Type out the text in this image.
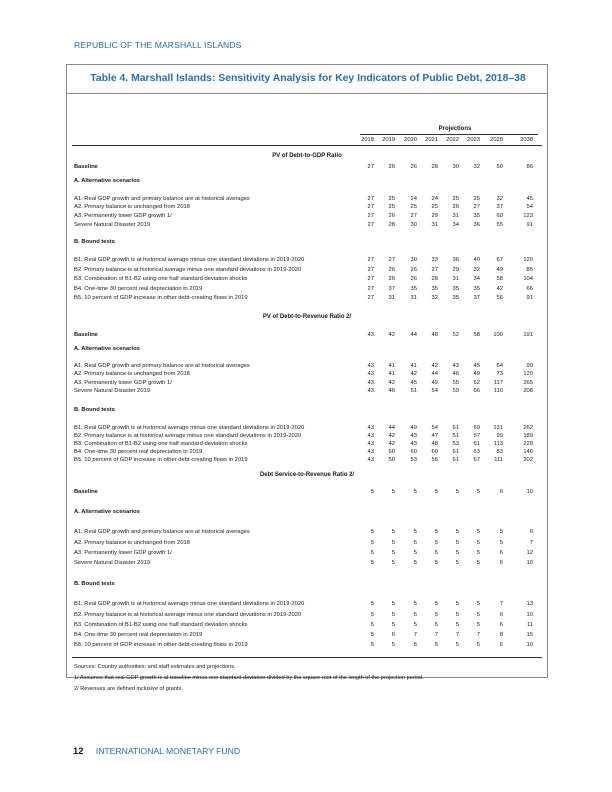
REPUBLIC OF THE MARSHALL ISLANDS
Table 4. Marshall Islands: Sensitivity Analysis for Key Indicators of Public Debt, 2018–38
Projections
2018	2019	2020	2021	2022	2023	2028	2038
PV of Debt-to-GDP Ratio
Baseline	27	26	26	28	30	32	50	86
A. Alternative scenarios
A1. Real GDP growth and primary balance are at historical averages	27	25	24	24	25	25	32	45
A2. Primary balance is unchanged from 2018	27	25	25	25	26	27	37	54
A3. Permanently lower GDP growth 1/	27	26	27	29	31	35	60	123
Severe Natural Disaster 2019	27	28	30	31	34	36	55	91
B. Bound tests
B1. Real GDP growth is at historical average minus one standard deviations in 2019-2020	27	27	30	33	36	40	67	120
B2. Primary balance is at historical average minus one standard deviations in 2019-2020	27	26	26	27	29	32	49	85
B3. Combination of B1-B2 using one half standard deviation shocks	27	26	26	28	31	34	58	104
B4. One-time 30 percent real depreciation in 2019	27	37	35	35	35	35	42	66
B5. 10 percent of GDP increase in other debt-creating flows in 2019	27	31	31	32	35	37	56	91
PV of Debt-to-Revenue Ratio 2/
Baseline	43	42	44	48	52	58	100	191
A. Alternative scenarios
A1. Real GDP growth and primary balance are at historical averages	43	41	41	42	43	45	64	99
A2. Primary balance is unchanged from 2018	43	41	42	44	46	49	73	120
A3. Permanently lower GDP growth 1/	43	42	45	49	55	62	117	265
Severe Natural Disaster 2019	43	46	51	54	59	66	110	208
B. Bound tests
B1. Real GDP growth is at historical average minus one standard deviations in 2019-2020	43	44	49	54	61	69	131	262
B2. Primary balance is at historical average minus one standard deviations in 2019-2020	43	42	43	47	51	57	99	189
B3. Combination of B1-B2 using one half standard deviation shocks	43	42	43	48	53	61	113	228
B4. One-time 30 percent real depreciation in 2019	43	60	60	60	61	63	83	146
B5. 10 percent of GDP increase in other debt-creating flows in 2019	43	50	53	56	61	67	111	202
Debt Service-to-Revenue Ratio 2/
Baseline	5	5	5	5	5	5	6	10
A. Alternative scenarios
A1. Real GDP growth and primary balance are at historical averages	5	5	5	5	5	5	5	6
A2. Primary balance is unchanged from 2018	5	5	5	5	5	5	5	7
A3. Permanently lower GDP growth 1/	5	5	5	5	5	5	6	12
Severe Natural Disaster 2019	5	5	5	5	5	5	6	10
B. Bound tests
B1. Real GDP growth is at historical average minus one standard deviations in 2019-2020	5	5	5	5	5	5	7	13
B2. Primary balance is at historical average minus one standard deviations in 2019-2020	5	5	5	5	5	5	6	10
B3. Combination of B1-B2 using one half standard deviation shocks	5	5	5	5	5	5	6	11
B4. One-time 30 percent real depreciation in 2019	5	6	7	7	7	7	8	15
B5. 10 percent of GDP increase in other debt-creating flows in 2019	5	5	5	5	5	5	6	10
Sources: Country authorities; and staff estimates and projections.
1/ Assumes that real GDP growth is at baseline minus one standard deviation divided by the square root of the length of the projection period.
2/ Revenues are defined inclusive of grants.
12 INTERNATIONAL MONETARY FUND
